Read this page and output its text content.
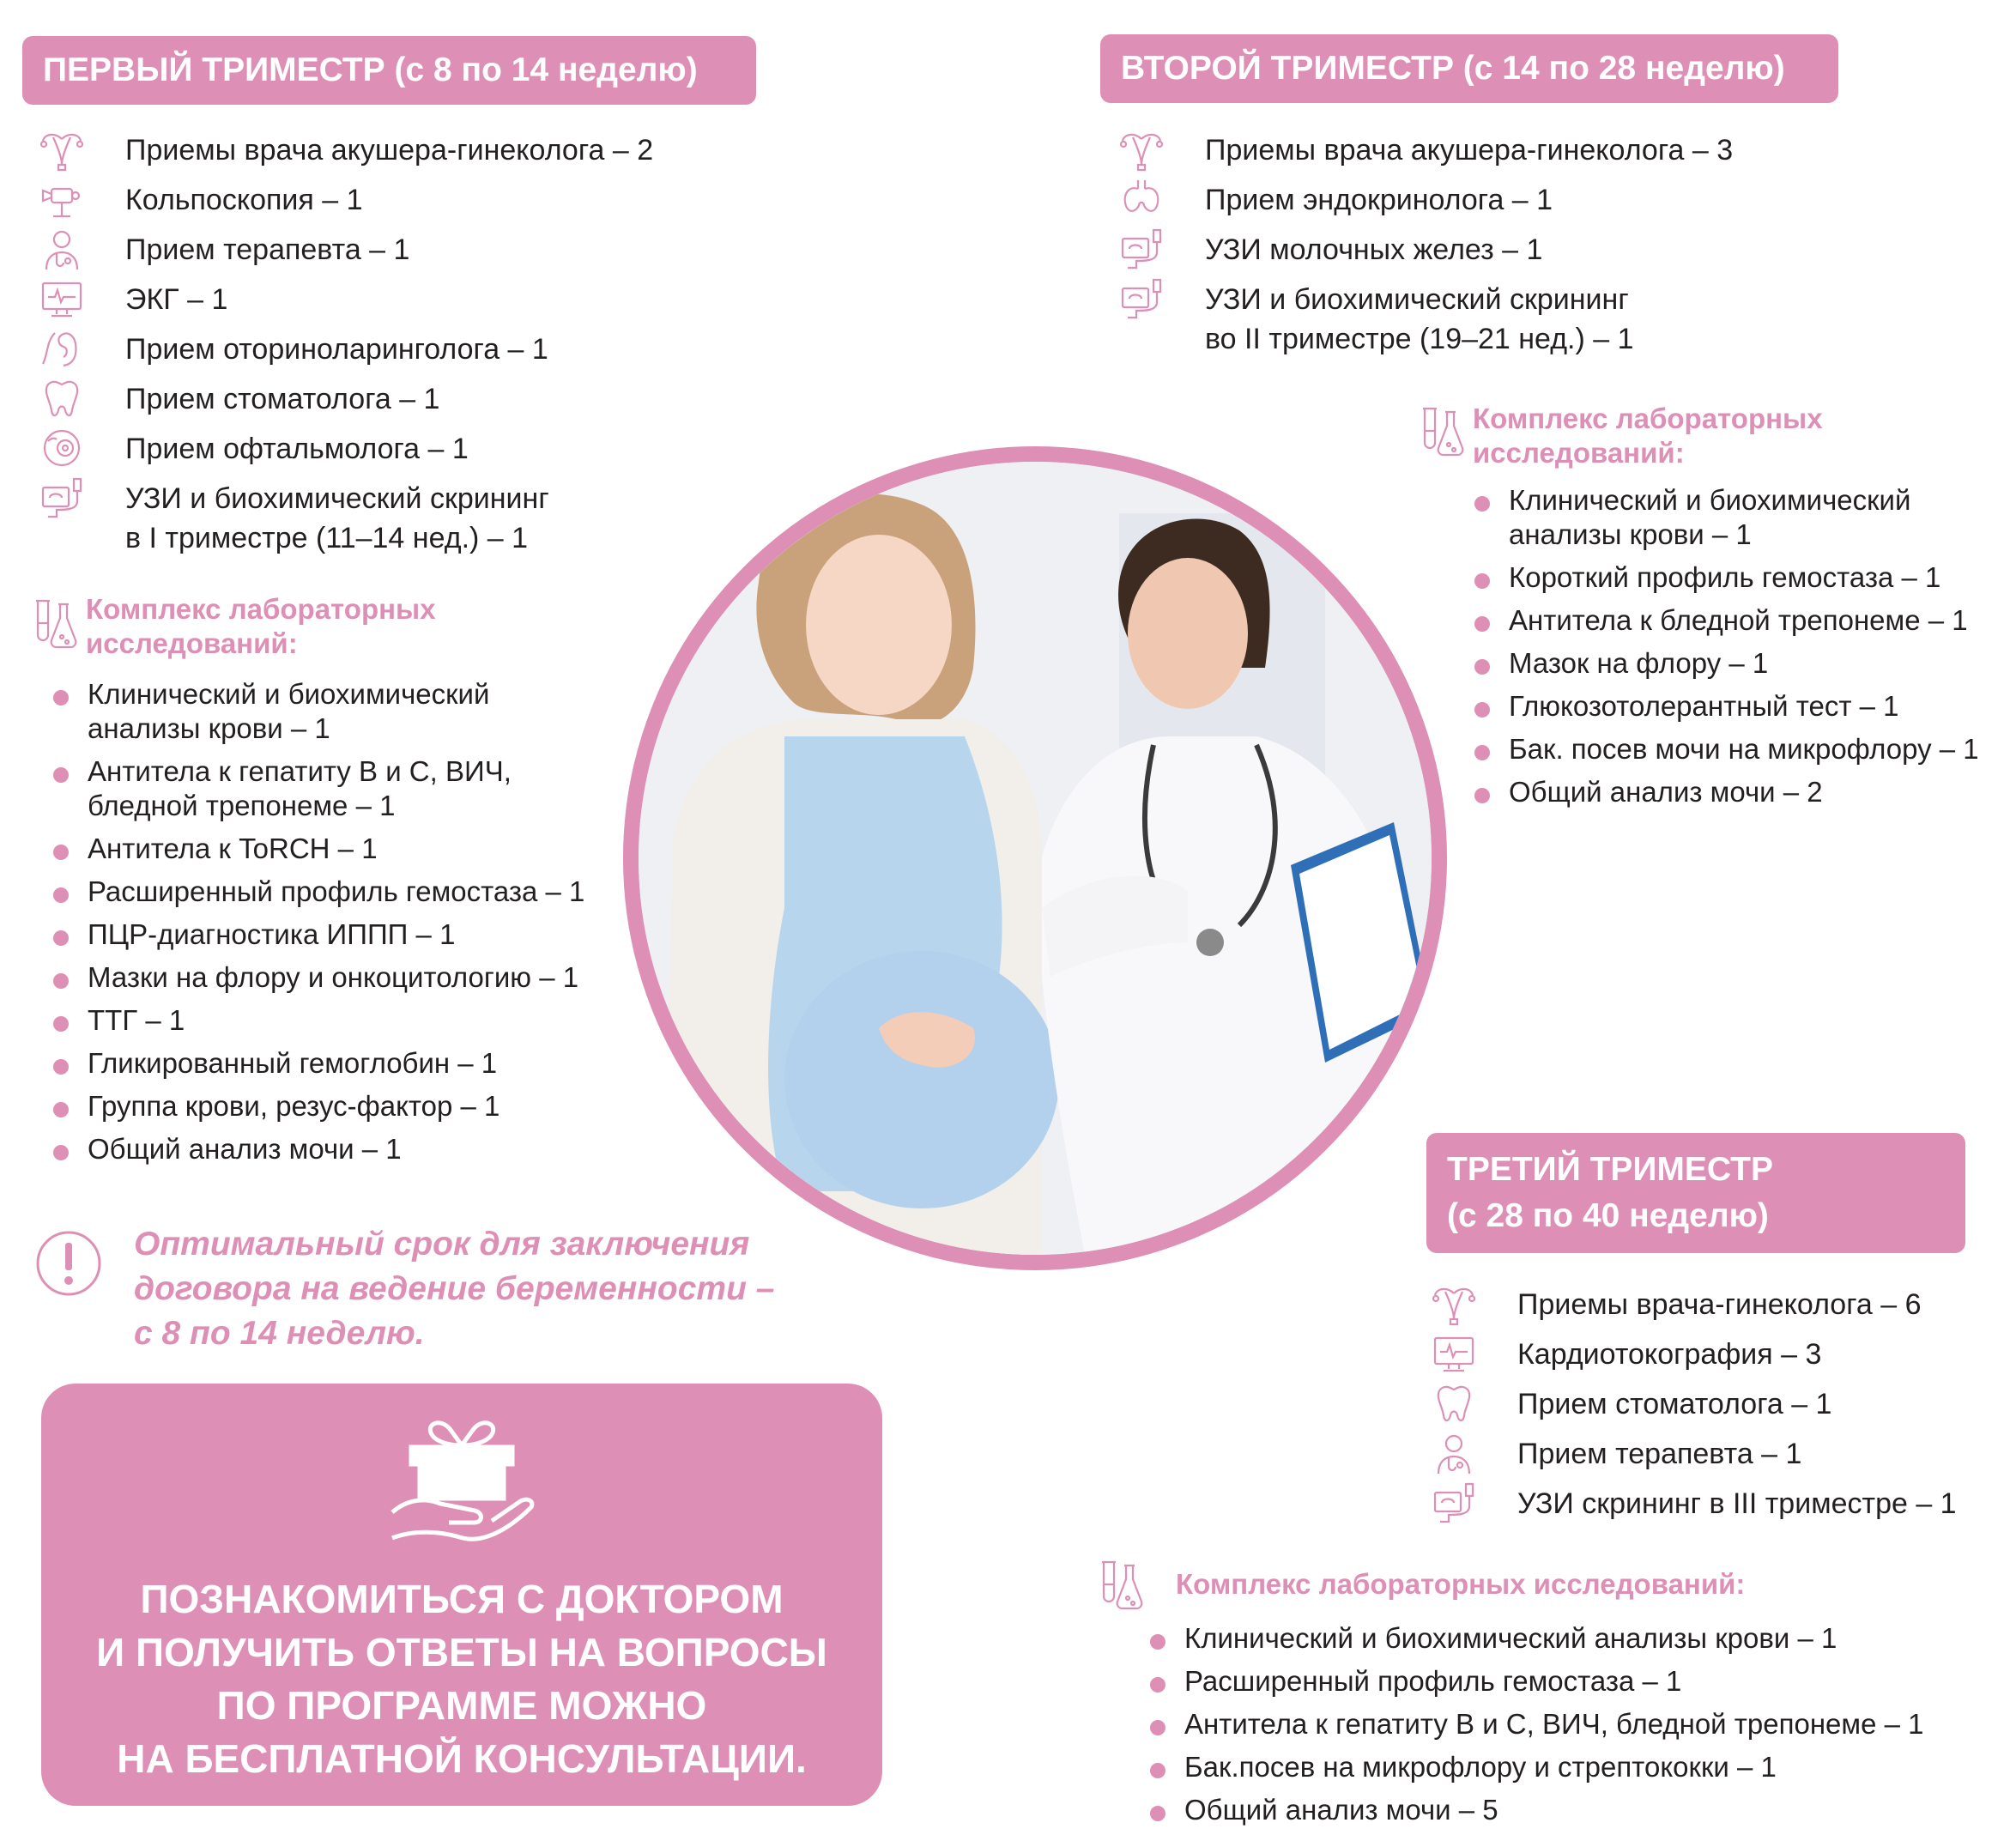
ПЕРВЫЙ ТРИМЕСТР (с 8 по 14 неделю)
Приемы врача акушера-гинеколога – 2
Кольпоскопия – 1
Прием терапевта – 1
ЭКГ – 1
Прием оториноларинголога – 1
Прием стоматолога – 1
Прием офтальмолога – 1
УЗИ и биохимический скрининг
в I триместре (11–14 нед.) – 1
Комплекс лабораторных
исследований:
Клинический и биохимический анализы крови – 1
Антитела к гепатиту В и С, ВИЧ, бледной трепонеме – 1
Антитела к ToRCH – 1
Расширенный профиль гемостаза – 1
ПЦР-диагностика ИППП – 1
Мазки на флору и онкоцитологию – 1
ТТГ – 1
Гликированный гемоглобин – 1
Группа крови, резус-фактор – 1
Общий анализ мочи – 1
ВТОРОЙ ТРИМЕСТР (с 14 по 28 неделю)
Приемы врача акушера-гинеколога – 3
Прием эндокринолога – 1
УЗИ молочных желез – 1
УЗИ и биохимический скрининг
во II триместре (19–21 нед.) – 1
Комплекс лабораторных
исследований:
Клинический и биохимический анализы крови – 1
Короткий профиль гемостаза – 1
Антитела к бледной трепонеме – 1
Мазок на флору – 1
Глюкозотолерантный тест – 1
Бак. посев мочи на микрофлору – 1
Общий анализ мочи – 2
ТРЕТИЙ ТРИМЕСТР
(с 28 по 40 неделю)
Приемы врача-гинеколога – 6
Кардиотокография – 3
Прием стоматолога – 1
Прием терапевта – 1
УЗИ скрининг в III триместре – 1
Комплекс лабораторных исследований:
Клинический и биохимический анализы крови – 1
Расширенный профиль гемостаза – 1
Антитела к гепатиту В и С, ВИЧ, бледной трепонеме – 1
Бак.посев на микрофлору и стрептококки – 1
Общий анализ мочи – 5
Оптимальный срок для заключения
договора на ведение беременности –
с 8 по 14 неделю.
ПОЗНАКОМИТЬСЯ С ДОКТОРОМ
И ПОЛУЧИТЬ ОТВЕТЫ НА ВОПРОСЫ
ПО ПРОГРАММЕ МОЖНО
НА БЕСПЛАТНОЙ КОНСУЛЬТАЦИИ.
